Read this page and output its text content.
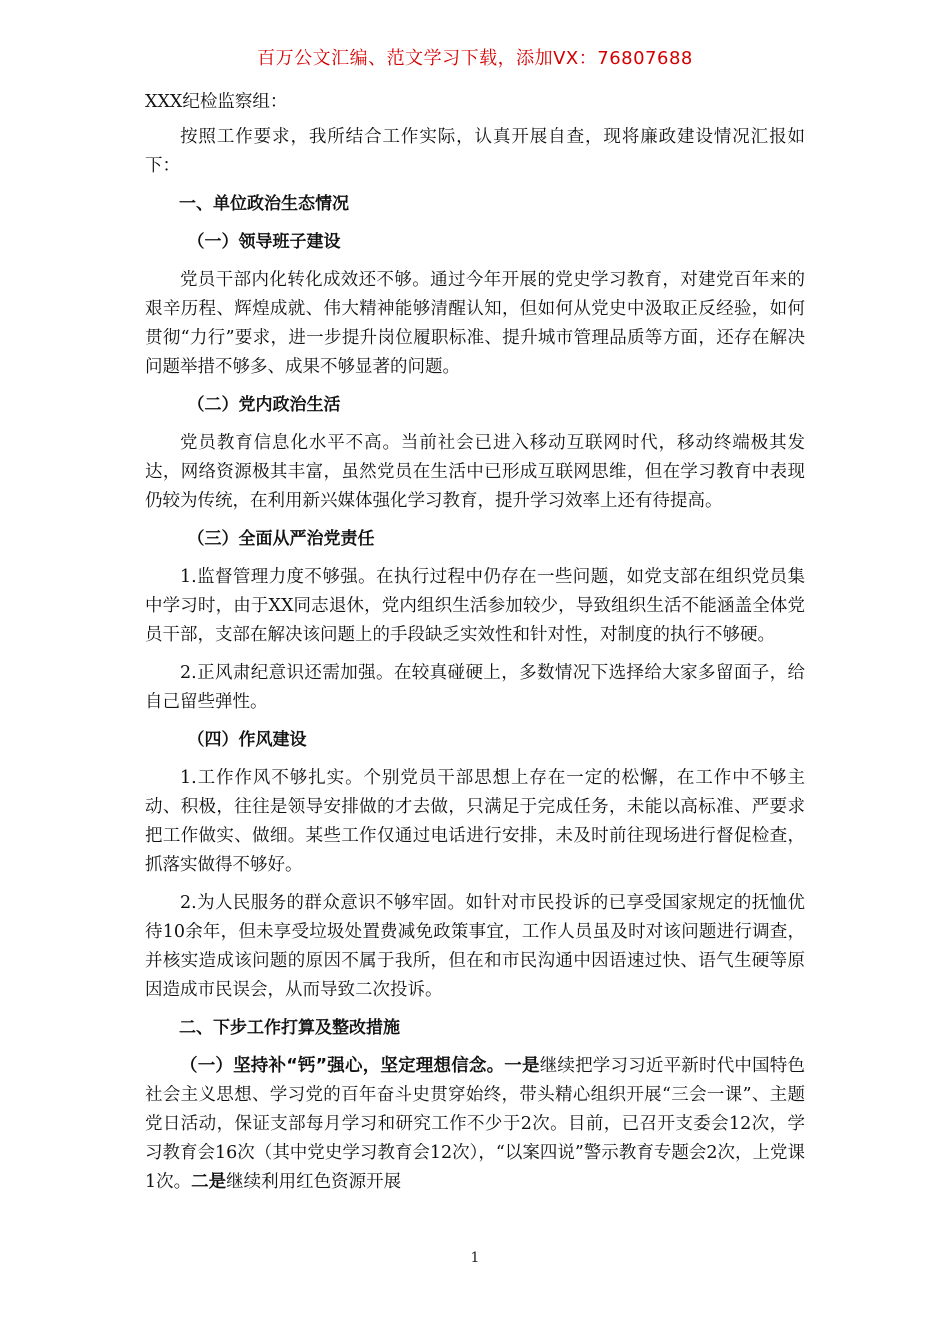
百万公文汇编、范文学习下载，添加VX：76807688

XXX纪检监察组：

按照工作要求，我所结合工作实际，认真开展自查，现将廉政建设情况汇报如下：

一、单位政治生态情况

（一）领导班子建设

党员干部内化转化成效还不够。通过今年开展的党史学习教育，对建党百年来的艰辛历程、辉煌成就、伟大精神能够清醒认知，但如何从党史中汲取正反经验，如何贯彻“力行”要求，进一步提升岗位履职标准、提升城市管理品质等方面，还存在解决问题举措不够多、成果不够显著的问题。

（二）党内政治生活

党员教育信息化水平不高。当前社会已进入移动互联网时代，移动终端极其发达，网络资源极其丰富，虽然党员在生活中已形成互联网思维，但在学习教育中表现仍较为传统，在利用新兴媒体强化学习教育，提升学习效率上还有待提高。

（三）全面从严治党责任

1.监督管理力度不够强。在执行过程中仍存在一些问题，如党支部在组织党员集中学习时，由于XX同志退休，党内组织生活参加较少，导致组织生活不能涵盖全体党员干部，支部在解决该问题上的手段缺乏实效性和针对性，对制度的执行不够硬。

2.正风肃纪意识还需加强。在较真碰硬上，多数情况下选择给大家多留面子，给自己留些弹性。

（四）作风建设

1.工作作风不够扎实。个别党员干部思想上存在一定的松懈，在工作中不够主动、积极，往往是领导安排做的才去做，只满足于完成任务，未能以高标准、严要求把工作做实、做细。某些工作仅通过电话进行安排，未及时前往现场进行督促检查，抓落实做得不够好。

2.为人民服务的群众意识不够牢固。如针对市民投诉的已享受国家规定的抚恤优待10余年，但未享受垃圾处置费减免政策事宜，工作人员虽及时对该问题进行调查，并核实造成该问题的原因不属于我所，但在和市民沟通中因语速过快、语气生硬等原因造成市民误会，从而导致二次投诉。

二、下步工作打算及整改措施

（一）坚持补“钙”强心，坚定理想信念。一是继续把学习习近平新时代中国特色社会主义思想、学习党的百年奋斗史贯穿始终，带头精心组织开展“三会一课”、主题党日活动，保证支部每月学习和研究工作不少于2次。目前，已召开支委会12次，学习教育会16次（其中党史学习教育会12次），“以案四说”警示教育专题会2次，上党课1次。二是继续利用红色资源开展

1
